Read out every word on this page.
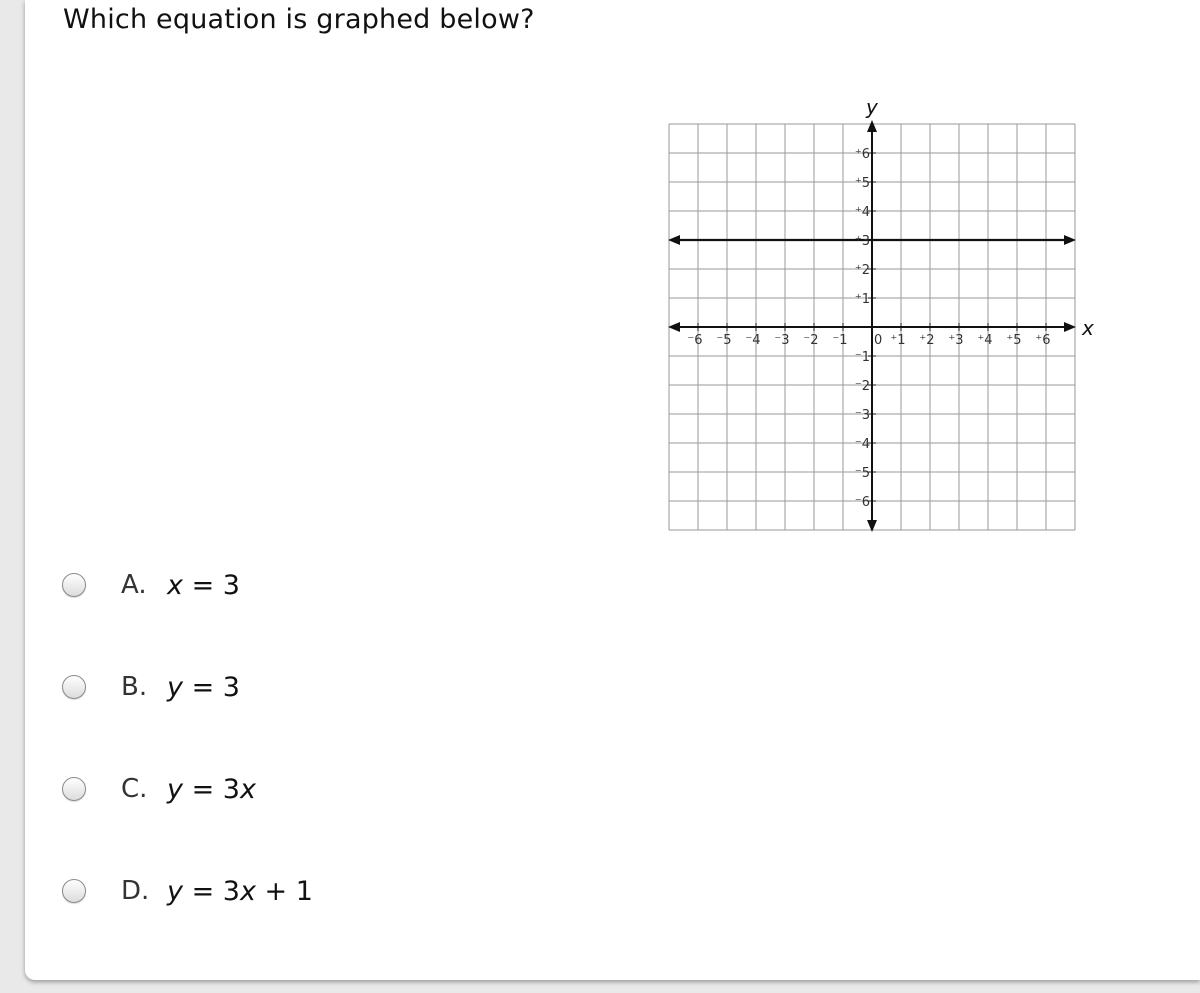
Which equation is graphed below?
x
y
0
⁻6 ⁻5 ⁻4 ⁻3 ⁻2 ⁻1	⁺1 ⁺2 ⁺3 ⁺4 ⁺5 ⁺6
⁺6
⁺5
⁺4
⁺3
⁺2
⁺1
⁻1
⁻2
⁻3
⁻4
⁻5
⁻6
A. x = 3
B. y = 3
C. y = 3x
D. y = 3x + 1
